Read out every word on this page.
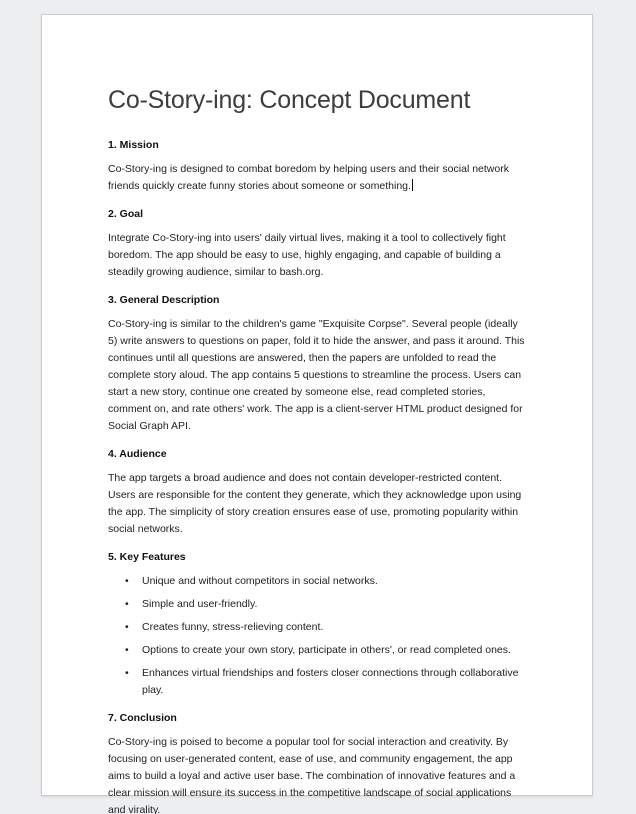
Co-Story-ing: Concept Document
1. Mission

Co-Story-ing is designed to combat boredom by helping users and their social network friends quickly create funny stories about someone or something.

2. Goal

Integrate Co-Story-ing into users' daily virtual lives, making it a tool to collectively fight boredom. The app should be easy to use, highly engaging, and capable of building a steadily growing audience, similar to bash.org.

3. General Description

Co-Story-ing is similar to the children's game "Exquisite Corpse". Several people (ideally 5) write answers to questions on paper, fold it to hide the answer, and pass it around. This continues until all questions are answered, then the papers are unfolded to read the complete story aloud. The app contains 5 questions to streamline the process. Users can start a new story, continue one created by someone else, read completed stories, comment on, and rate others' work. The app is a client-server HTML product designed for Social Graph API.

4. Audience

The app targets a broad audience and does not contain developer-restricted content. Users are responsible for the content they generate, which they acknowledge upon using the app. The simplicity of story creation ensures ease of use, promoting popularity within social networks.

5. Key Features
• Unique and without competitors in social networks.
• Simple and user-friendly.
• Creates funny, stress-relieving content.
• Options to create your own story, participate in others', or read completed ones.
• Enhances virtual friendships and fosters closer connections through collaborative play.
7. Conclusion

Co-Story-ing is poised to become a popular tool for social interaction and creativity. By focusing on user-generated content, ease of use, and community engagement, the app aims to build a loyal and active user base. The combination of innovative features and a clear mission will ensure its success in the competitive landscape of social applications and virality.
